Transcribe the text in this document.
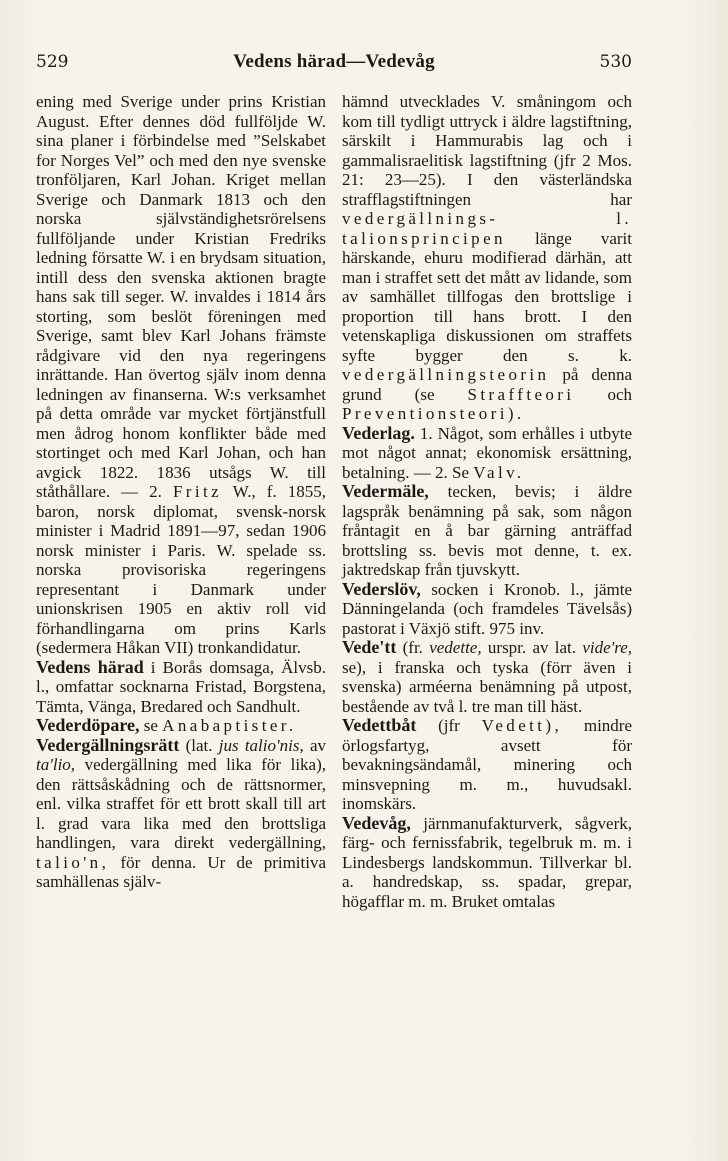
529	Vedens härad—Vedevåg	530

ening med Sverige under prins Kristian August. Efter dennes död fullföljde W. sina planer i förbindelse med ”Selskabet for Norges Vel” och med den nye svenske tronföljaren, Karl Johan. Kriget mellan Sverige och Danmark 1813 och den norska självständighetsrörelsens fullföljande under Kristian Fredriks ledning försatte W. i en brydsam situation, intill dess den svenska aktionen bragte hans sak till seger. W. invaldes i 1814 års storting, som beslöt föreningen med Sverige, samt blev Karl Johans främste rådgivare vid den nya regeringens inrättande. Han övertog själv inom denna ledningen av finanserna. W:s verksamhet på detta område var mycket förtjänstfull men ådrog honom konflikter både med stortinget och med Karl Johan, och han avgick 1822. 1836 utsågs W. till ståthållare. — 2. Fritz W., f. 1855, baron, norsk diplomat, svensk-norsk minister i Madrid 1891—97, sedan 1906 norsk minister i Paris. W. spelade ss. norska provisoriska regeringens representant i Danmark under unionskrisen 1905 en aktiv roll vid förhandlingarna om prins Karls (sedermera Håkan VII) tronkandidatur.

Vedens härad i Borås domsaga, Älvsb. l., omfattar socknarna Fristad, Borgstena, Tämta, Vänga, Bredared och Sandhult.

Vederdöpare, se Anabaptister.

Vedergällningsrätt (lat. jus talio'nis, av ta'lio, vedergällning med lika för lika), den rättsåskådning och de rättsnormer, enl. vilka straffet för ett brott skall till art l. grad vara lika med den brottsliga handlingen, vara direkt vedergällning, talio'n, för denna. Ur de primitiva samhällenas själv-

hämnd utvecklades V. småningom och kom till tydligt uttryck i äldre lagstiftning, särskilt i Hammurabis lag och i gammalisraelitisk lagstiftning (jfr 2 Mos. 21: 23—25). I den västerländska strafflagstiftningen har vedergällnings- l. talionsprincipen länge varit härskande, ehuru modifierad därhän, att man i straffet sett det mått av lidande, som av samhället tillfogas den brottslige i proportion till hans brott. I den vetenskapliga diskussionen om straffets syfte bygger den s. k. vedergällningsteorin på denna grund (se Straffteori och Preventionsteori).

Vederlag. 1. Något, som erhålles i utbyte mot något annat; ekonomisk ersättning, betalning. — 2. Se Valv.

Vedermäle, tecken, bevis; i äldre lagspråk benämning på sak, som någon fråntagit en å bar gärning anträffad brottsling ss. bevis mot denne, t. ex. jaktredskap från tjuvskytt.

Vederslöv, socken i Kronob. l., jämte Dänningelanda (och framdeles Tävelsås) pastorat i Växjö stift. 975 inv.

Vede'tt (fr. vedette, urspr. av lat. vide're, se), i franska och tyska (förr även i svenska) arméerna benämning på utpost, bestående av två l. tre man till häst.

Vedettbåt (jfr Vedett), mindre örlogsfartyg, avsett för bevakningsändamål, minering och minsvepning m. m., huvudsakl. inomskärs.

Vedevåg, järnmanufakturverk, sågverk, färg- och fernissfabrik, tegelbruk m. m. i Lindesbergs landskommun. Tillverkar bl. a. handredskap, ss. spadar, grepar, högafflar m. m. Bruket omtalas
